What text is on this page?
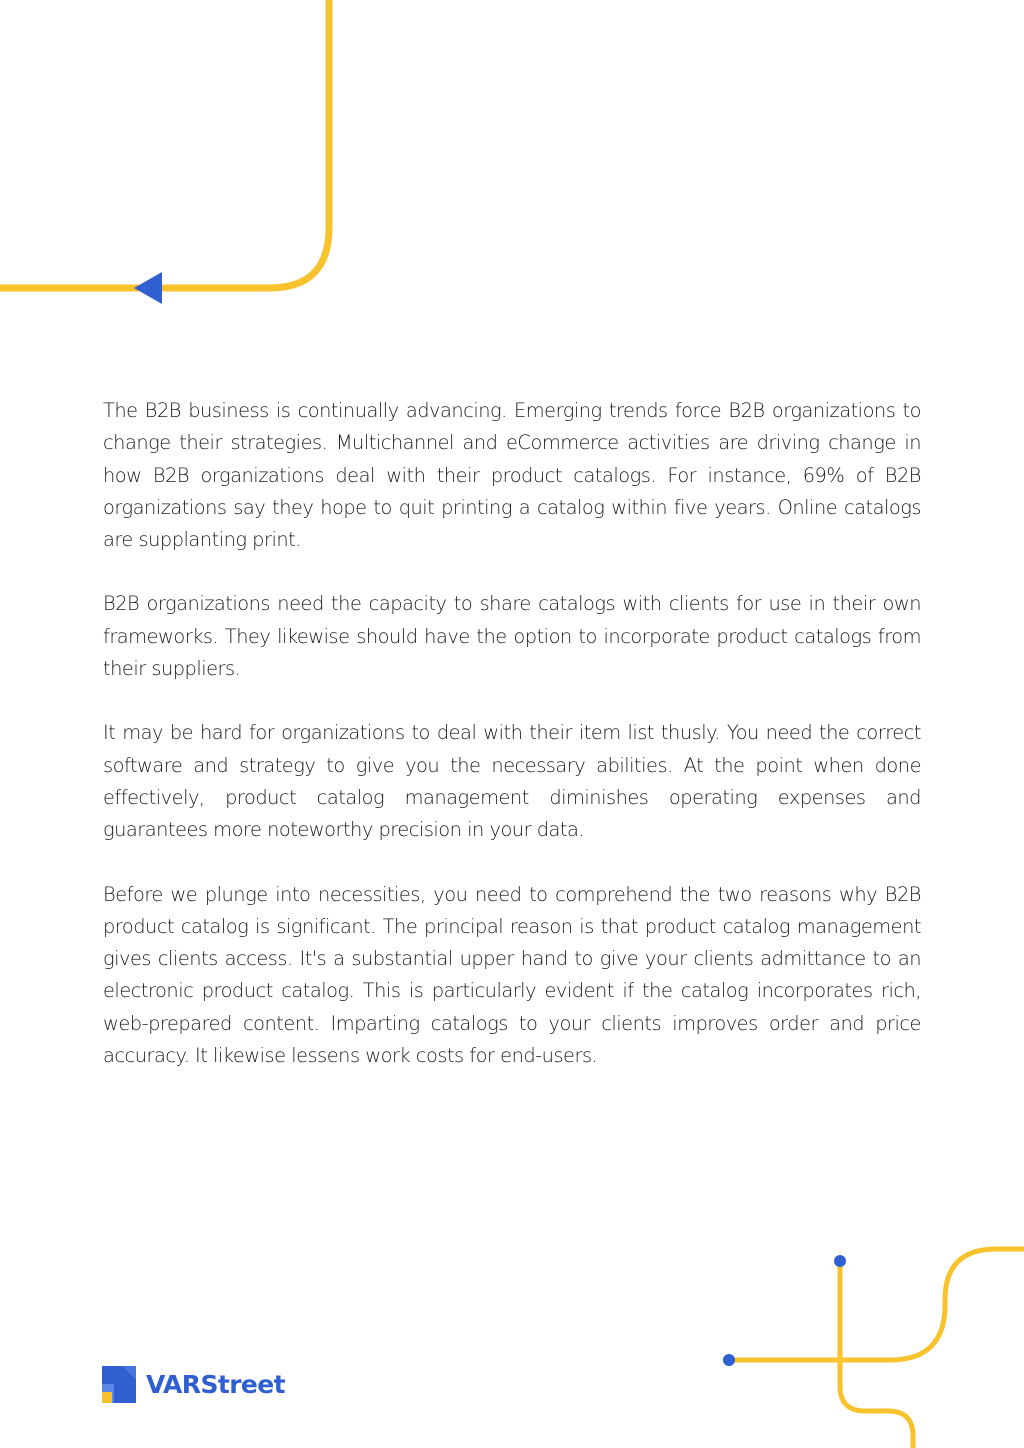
The B2B business is continually advancing. Emerging trends force B2B organizations to change their strategies. Multichannel and eCommerce activities are driving change in how B2B organizations deal with their product catalogs. For instance, 69% of B2B organizations say they hope to quit printing a catalog within five years. Online catalogs are supplanting print.

B2B organizations need the capacity to share catalogs with clients for use in their own frameworks. They likewise should have the option to incorporate product catalogs from their suppliers.

It may be hard for organizations to deal with their item list thusly. You need the correct software and strategy to give you the necessary abilities. At the point when done effectively, product catalog management diminishes operating expenses and guarantees more noteworthy precision in your data.

Before we plunge into necessities, you need to comprehend the two reasons why B2B product catalog is significant. The principal reason is that product catalog management gives clients access. It's a substantial upper hand to give your clients admittance to an electronic product catalog. This is particularly evident if the catalog incorporates rich, web-prepared content. Imparting catalogs to your clients improves order and price accuracy. It likewise lessens work costs for end-users.

VARStreet
